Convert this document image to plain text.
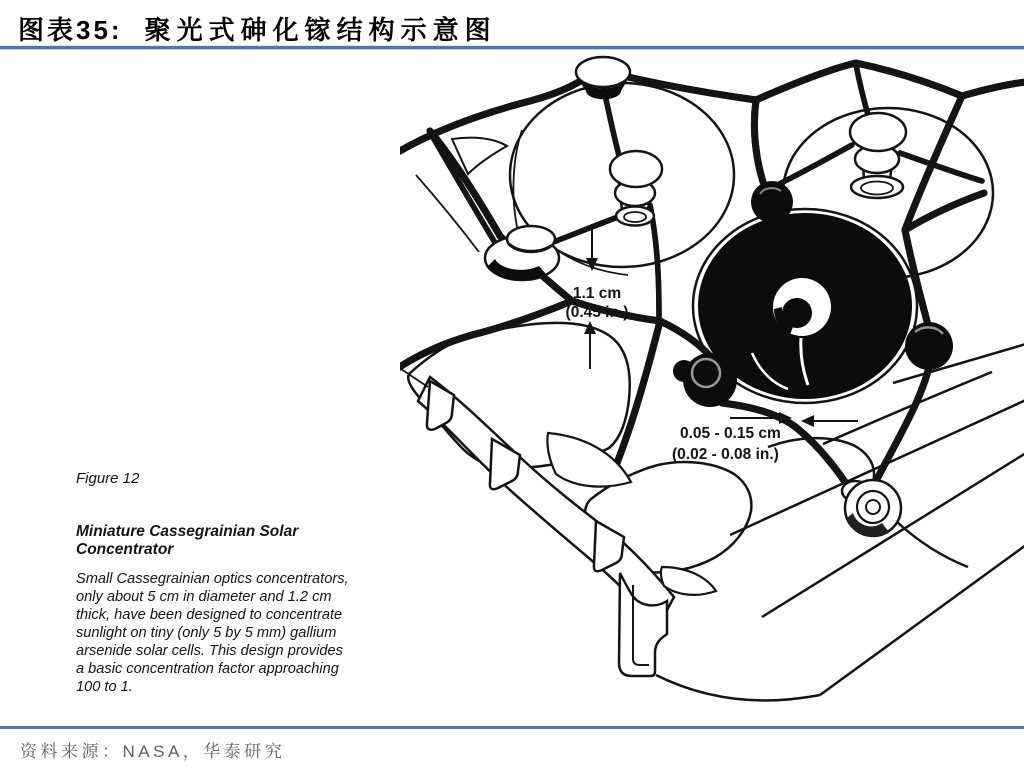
图表35: 聚光式砷化镓结构示意图
Figure 12
Miniature Cassegrainian Solar
Concentrator
Small Cassegrainian optics concentrators,
only about 5 cm in diameter and 1.2 cm
thick, have been designed to concentrate
sunlight on tiny (only 5 by 5 mm) gallium
arsenide solar cells. This design provides
a basic concentration factor approaching
100 to 1.
1.1 cm
(0.45 in.)
0.05 - 0.15 cm
(0.02 - 0.08 in.)
资料来源：NASA，华泰研究
